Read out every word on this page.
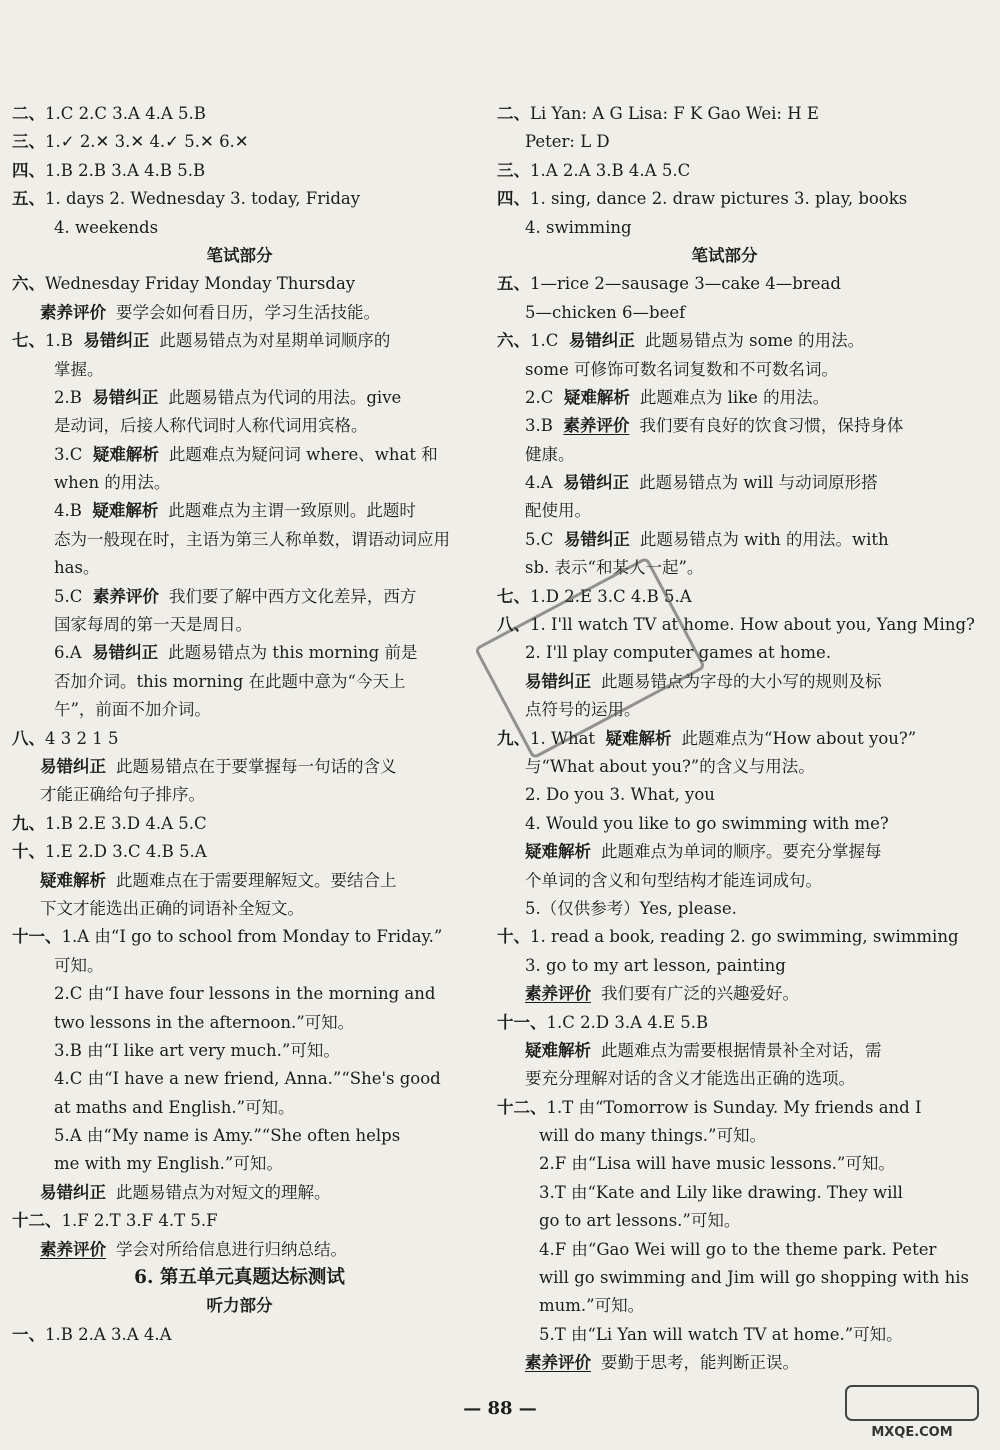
二、1.C 2.C 3.A 4.A 5.B
三、1.✓ 2.✕ 3.✕ 4.✓ 5.✕ 6.✕
四、1.B 2.B 3.A 4.B 5.B
五、1. days 2. Wednesday 3. today, Friday
4. weekends
笔试部分
六、Wednesday Friday Monday Thursday
素养评价 要学会如何看日历，学习生活技能。
七、1.B 易错纠正 此题易错点为对星期单词顺序的
掌握。
2.B 易错纠正 此题易错点为代词的用法。give
是动词，后接人称代词时人称代词用宾格。
3.C 疑难解析 此题难点为疑问词 where、what 和
when 的用法。
4.B 疑难解析 此题难点为主谓一致原则。此题时
态为一般现在时，主语为第三人称单数，谓语动词应用
has。
5.C 素养评价 我们要了解中西方文化差异，西方
国家每周的第一天是周日。
6.A 易错纠正 此题易错点为 this morning 前是
否加介词。this morning 在此题中意为“今天上
午”，前面不加介词。
八、4 3 2 1 5
易错纠正 此题易错点在于要掌握每一句话的含义
才能正确给句子排序。
九、1.B 2.E 3.D 4.A 5.C
十、1.E 2.D 3.C 4.B 5.A
疑难解析 此题难点在于需要理解短文。要结合上
下文才能选出正确的词语补全短文。
十一、1.A 由“I go to school from Monday to Friday.”
可知。
2.C 由“I have four lessons in the morning and
two lessons in the afternoon.”可知。
3.B 由“I like art very much.”可知。
4.C 由“I have a new friend, Anna.”“She's good
at maths and English.”可知。
5.A 由“My name is Amy.”“She often helps
me with my English.”可知。
易错纠正 此题易错点为对短文的理解。
十二、1.F 2.T 3.F 4.T 5.F
素养评价 学会对所给信息进行归纳总结。
6. 第五单元真题达标测试
听力部分
一、1.B 2.A 3.A 4.A
二、Li Yan: A G Lisa: F K Gao Wei: H E
Peter: L D
三、1.A 2.A 3.B 4.A 5.C
四、1. sing, dance 2. draw pictures 3. play, books
4. swimming
笔试部分
五、1—rice 2—sausage 3—cake 4—bread
5—chicken 6—beef
六、1.C 易错纠正 此题易错点为 some 的用法。
some 可修饰可数名词复数和不可数名词。
2.C 疑难解析 此题难点为 like 的用法。
3.B 素养评价 我们要有良好的饮食习惯，保持身体
健康。
4.A 易错纠正 此题易错点为 will 与动词原形搭
配使用。
5.C 易错纠正 此题易错点为 with 的用法。with
sb. 表示“和某人一起”。
七、1.D 2.E 3.C 4.B 5.A
八、1. I'll watch TV at home. How about you, Yang Ming?
2. I'll play computer games at home.
易错纠正 此题易错点为字母的大小写的规则及标
点符号的运用。
九、1. What 疑难解析 此题难点为“How about you?”
与“What about you?”的含义与用法。
2. Do you 3. What, you
4. Would you like to go swimming with me?
疑难解析 此题难点为单词的顺序。要充分掌握每
个单词的含义和句型结构才能连词成句。
5.（仅供参考）Yes, please.
十、1. read a book, reading 2. go swimming, swimming
3. go to my art lesson, painting
素养评价 我们要有广泛的兴趣爱好。
十一、1.C 2.D 3.A 4.E 5.B
疑难解析 此题难点为需要根据情景补全对话，需
要充分理解对话的含义才能选出正确的选项。
十二、1.T 由“Tomorrow is Sunday. My friends and I
will do many things.”可知。
2.F 由“Lisa will have music lessons.”可知。
3.T 由“Kate and Lily like drawing. They will
go to art lessons.”可知。
4.F 由“Gao Wei will go to the theme park. Peter
will go swimming and Jim will go shopping with his
mum.”可知。
5.T 由“Li Yan will watch TV at home.”可知。
素养评价 要勤于思考，能判断正误。
— 88 —
MXQE.COM
